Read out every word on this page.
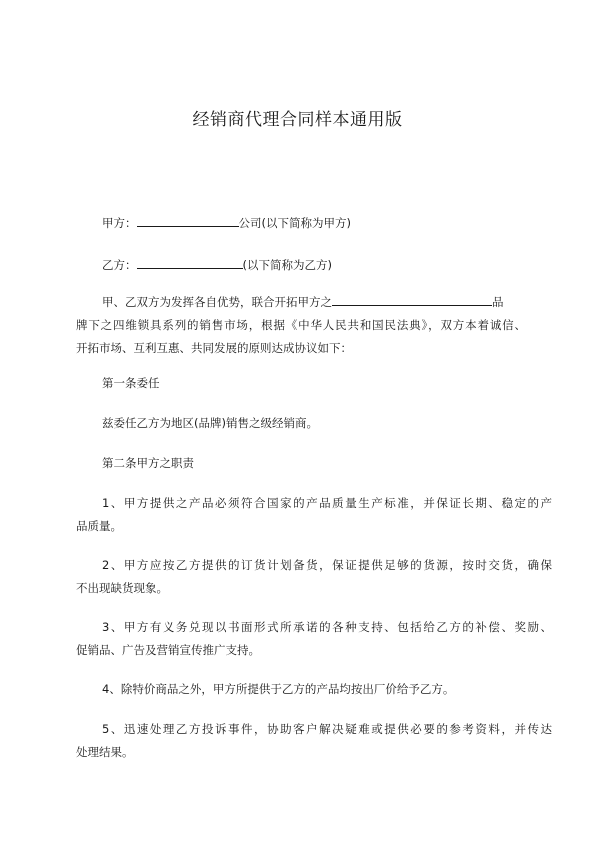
经销商代理合同样本通用版
甲方：	公司(以下简称为甲方)
乙方：	(以下简称为乙方)
甲、乙双方为发挥各自优势，联合开拓甲方之	品
牌下之四维锁具系列的销售市场，根据《中华人民共和国民法典》，双方本着诚信、
开拓市场、互利互惠、共同发展的原则达成协议如下：
第一条委任
兹委任乙方为地区(品牌)销售之级经销商。
第二条甲方之职责
1、甲方提供之产品必须符合国家的产品质量生产标准，并保证长期、稳定的产
品质量。
2、甲方应按乙方提供的订货计划备货，保证提供足够的货源，按时交货，确保
不出现缺货现象。
3、甲方有义务兑现以书面形式所承诺的各种支持、包括给乙方的补偿、奖励、
促销品、广告及营销宣传推广支持。
4、除特价商品之外，甲方所提供于乙方的产品均按出厂价给予乙方。
5、迅速处理乙方投诉事件，协助客户解决疑难或提供必要的参考资料，并传达
处理结果。
